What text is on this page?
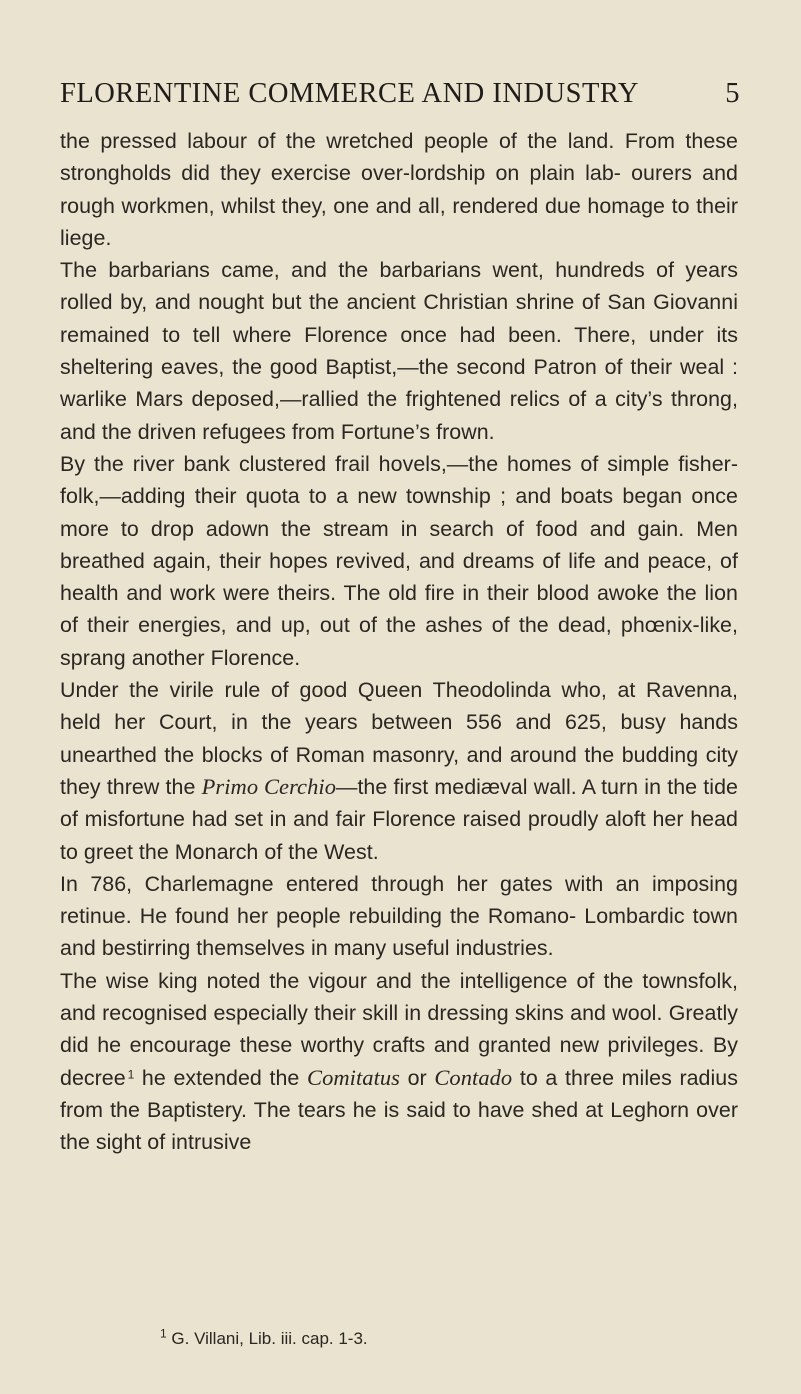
FLORENTINE COMMERCE AND INDUSTRY	5

the pressed labour of the wretched people of the land. From these strongholds did they exercise over-lordship on plain lab- ourers and rough workmen, whilst they, one and all, rendered due homage to their liege.

The barbarians came, and the barbarians went, hundreds of years rolled by, and nought but the ancient Christian shrine of San Giovanni remained to tell where Florence once had been. There, under its sheltering eaves, the good Baptist,—the second Patron of their weal : warlike Mars deposed,—rallied the frightened relics of a city’s throng, and the driven refugees from Fortune’s frown.

By the river bank clustered frail hovels,—the homes of simple fisher-folk,—adding their quota to a new township ; and boats began once more to drop adown the stream in search of food and gain. Men breathed again, their hopes revived, and dreams of life and peace, of health and work were theirs. The old fire in their blood awoke the lion of their energies, and up, out of the ashes of the dead, phœnix-like, sprang another Florence.

Under the virile rule of good Queen Theodolinda who, at Ravenna, held her Court, in the years between 556 and 625, busy hands unearthed the blocks of Roman masonry, and around the budding city they threw the Primo Cerchio—the first mediæval wall. A turn in the tide of misfortune had set in and fair Florence raised proudly aloft her head to greet the Monarch of the West.

In 786, Charlemagne entered through her gates with an imposing retinue. He found her people rebuilding the Romano- Lombardic town and bestirring themselves in many useful industries.

The wise king noted the vigour and the intelligence of the townsfolk, and recognised especially their skill in dressing skins and wool. Greatly did he encourage these worthy crafts and granted new privileges. By decree  $^1$ he extended the Comitatus or Contado to a three miles radius from the Baptistery. The tears he is said to have shed at Leghorn over the sight of intrusive

$^1$ G. Villani, Lib. iii. cap. 1-3.
